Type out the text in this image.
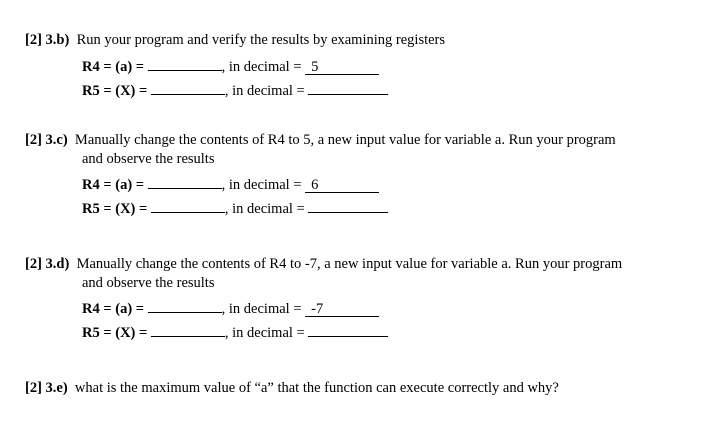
[2] 3.b) Run your program and verify the results by examining registers
R4 = (a) =	, in decimal = 5
R5 = (X) =	, in decimal =
[2] 3.c) Manually change the contents of R4 to 5, a new input value for variable a. Run your program
and observe the results
R4 = (a) =	, in decimal = 6
R5 = (X) =	, in decimal =
[2] 3.d) Manually change the contents of R4 to -7, a new input value for variable a. Run your program
and observe the results
R4 = (a) =	, in decimal = -7
R5 = (X) =	, in decimal =
[2] 3.e) what is the maximum value of “a” that the function can execute correctly and why?
